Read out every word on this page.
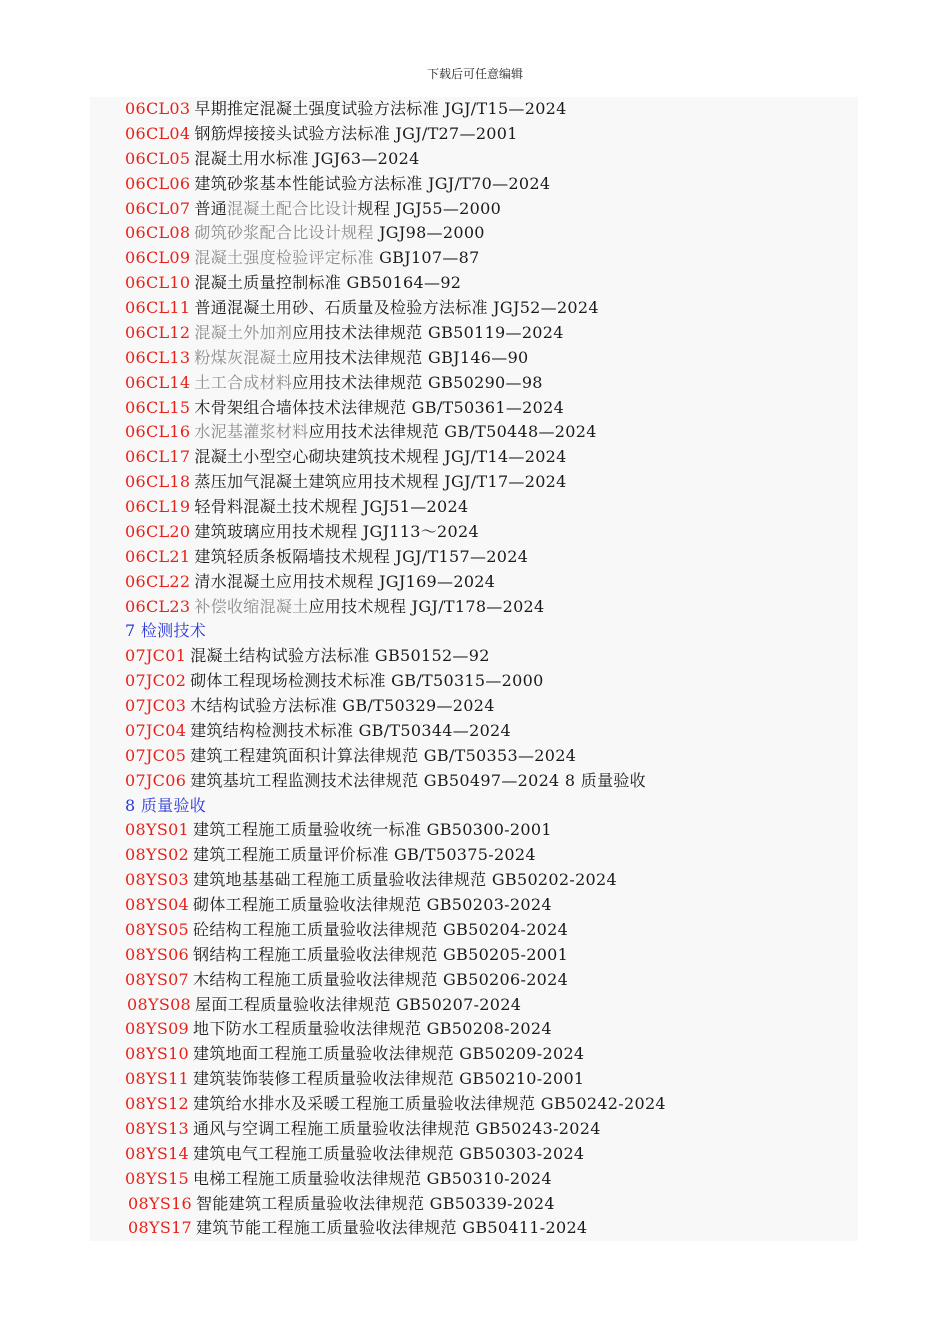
下载后可任意编辑
06CL03 早期推定混凝土强度试验方法标准 JGJ/T15—2024
06CL04 钢筋焊接接头试验方法标准 JGJ/T27—2001
06CL05 混凝土用水标准 JGJ63—2024
06CL06 建筑砂浆基本性能试验方法标准 JGJ/T70—2024
06CL07 普通混凝土配合比设计规程 JGJ55—2000
06CL08 砌筑砂浆配合比设计规程 JGJ98—2000
06CL09 混凝土强度检验评定标准 GBJ107—87
06CL10 混凝土质量控制标准 GB50164—92
06CL11 普通混凝土用砂、石质量及检验方法标准 JGJ52—2024
06CL12 混凝土外加剂应用技术法律规范 GB50119—2024
06CL13 粉煤灰混凝土应用技术法律规范 GBJ146—90
06CL14 土工合成材料应用技术法律规范 GB50290—98
06CL15 木骨架组合墙体技术法律规范 GB/T50361—2024
06CL16 水泥基灌浆材料应用技术法律规范 GB/T50448—2024
06CL17 混凝土小型空心砌块建筑技术规程 JGJ/T14—2024
06CL18 蒸压加气混凝土建筑应用技术规程 JGJ/T17—2024
06CL19 轻骨料混凝土技术规程 JGJ51—2024
06CL20 建筑玻璃应用技术规程 JGJ113～2024
06CL21 建筑轻质条板隔墙技术规程 JGJ/T157—2024
06CL22 清水混凝土应用技术规程 JGJ169—2024
06CL23 补偿收缩混凝土应用技术规程 JGJ/T178—2024
7 检测技术
07JC01 混凝土结构试验方法标准 GB50152—92
07JC02 砌体工程现场检测技术标准 GB/T50315—2000
07JC03 木结构试验方法标准 GB/T50329—2024
07JC04 建筑结构检测技术标准 GB/T50344—2024
07JC05 建筑工程建筑面积计算法律规范 GB/T50353—2024
07JC06 建筑基坑工程监测技术法律规范 GB50497—2024 8 质量验收
8 质量验收
08YS01 建筑工程施工质量验收统一标准 GB50300-2001
08YS02 建筑工程施工质量评价标准 GB/T50375-2024
08YS03 建筑地基基础工程施工质量验收法律规范 GB50202-2024
08YS04 砌体工程施工质量验收法律规范 GB50203-2024
08YS05 砼结构工程施工质量验收法律规范 GB50204-2024
08YS06 钢结构工程施工质量验收法律规范 GB50205-2001
08YS07 木结构工程施工质量验收法律规范 GB50206-2024
08YS08 屋面工程质量验收法律规范 GB50207-2024
08YS09 地下防水工程质量验收法律规范 GB50208-2024
08YS10 建筑地面工程施工质量验收法律规范 GB50209-2024
08YS11 建筑装饰装修工程质量验收法律规范 GB50210-2001
08YS12 建筑给水排水及采暖工程施工质量验收法律规范 GB50242-2024
08YS13 通风与空调工程施工质量验收法律规范 GB50243-2024
08YS14 建筑电气工程施工质量验收法律规范 GB50303-2024
08YS15 电梯工程施工质量验收法律规范 GB50310-2024
08YS16 智能建筑工程质量验收法律规范 GB50339-2024
08YS17 建筑节能工程施工质量验收法律规范 GB50411-2024
